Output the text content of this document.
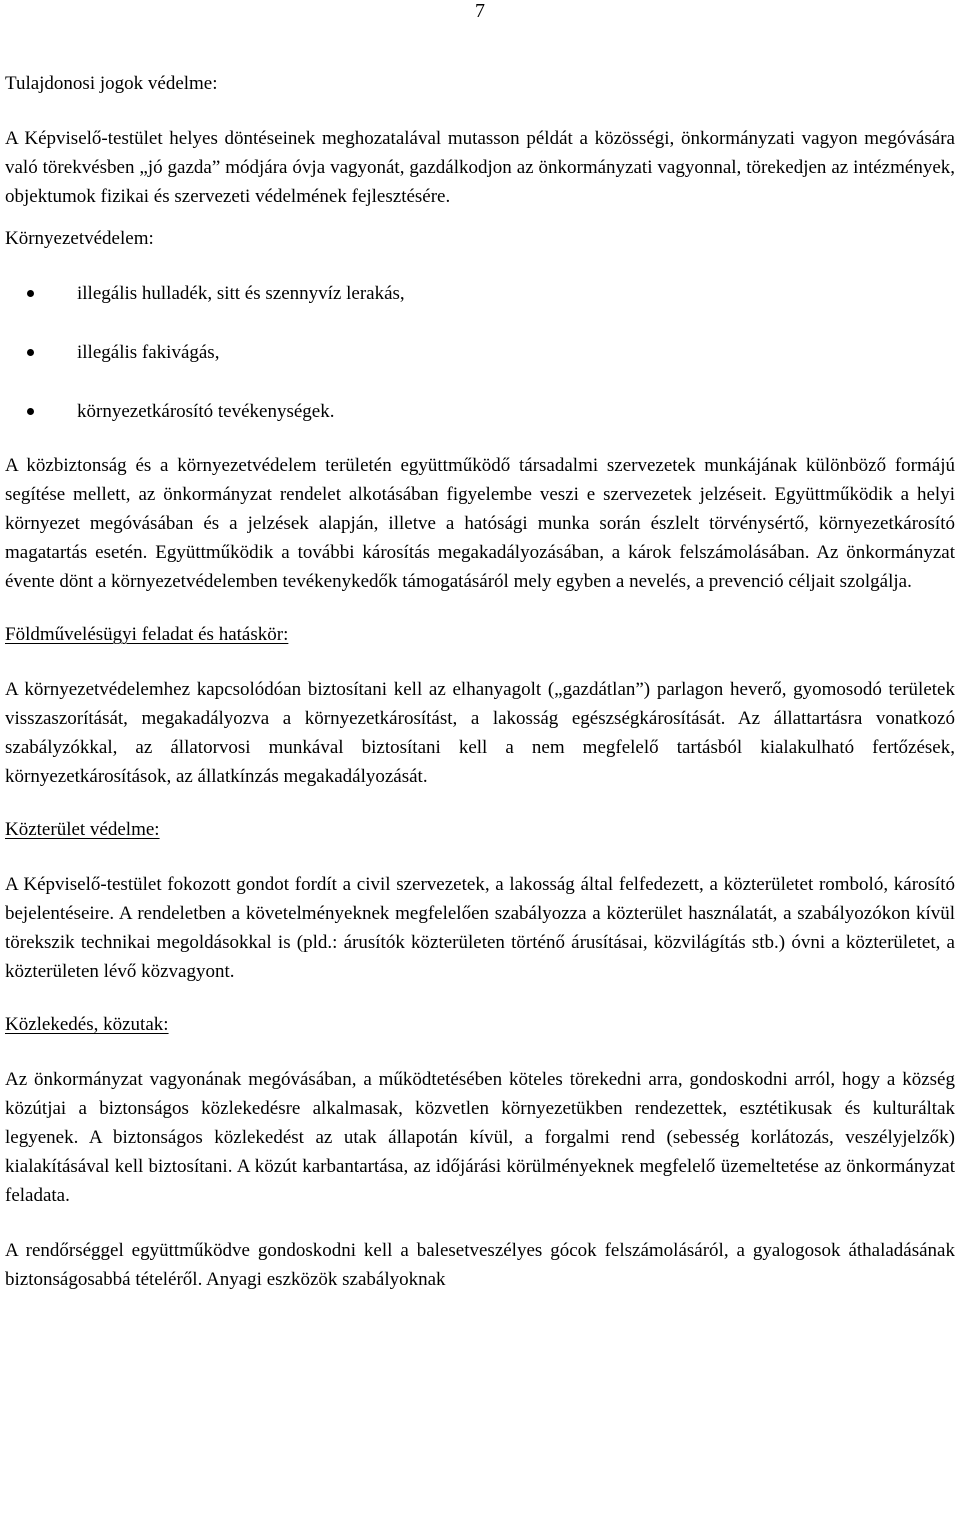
7
Tulajdonosi jogok védelme:

A Képviselő-testület helyes döntéseinek meghozatalával mutasson példát a közösségi, önkormányzati vagyon megóvására való törekvésben „jó gazda” módjára óvja vagyonát, gazdálkodjon az önkormányzati vagyonnal, törekedjen az intézmények, objektumok fizikai és szervezeti védelmének fejlesztésére.

Környezetvédelem:
illegális hulladék, sitt és szennyvíz lerakás,
illegális fakivágás,
környezetkárosító tevékenységek.

A közbiztonság és a környezetvédelem területén együttműködő társadalmi szervezetek munkájának különböző formájú segítése mellett, az önkormányzat rendelet alkotásában figyelembe veszi e szervezetek jelzéseit. Együttműködik a helyi környezet megóvásában és a jelzések alapján, illetve a hatósági munka során észlelt törvénysértő, környezetkárosító magatartás esetén. Együttműködik a további károsítás megakadályozásában, a károk felszámolásában. Az önkormányzat évente dönt a környezetvédelemben tevékenykedők támogatásáról mely egyben a nevelés, a prevenció céljait szolgálja.

Földművelésügyi feladat és hatáskör:

A környezetvédelemhez kapcsolódóan biztosítani kell az elhanyagolt („gazdátlan”) parlagon heverő, gyomosodó területek visszaszorítását, megakadályozva a környezetkárosítást, a lakosság egészségkárosítását. Az állattartásra vonatkozó szabályzókkal, az állatorvosi munkával biztosítani kell a nem megfelelő tartásból kialakulható fertőzések, környezetkárosítások, az állatkínzás megakadályozását.

Közterület védelme:

A Képviselő-testület fokozott gondot fordít a civil szervezetek, a lakosság által felfedezett, a közterületet romboló, károsító bejelentéseire. A rendeletben a követelményeknek megfelelően szabályozza a közterület használatát, a szabályozókon kívül törekszik technikai megoldásokkal is (pld.: árusítók közterületen történő árusításai, közvilágítás stb.) óvni a közterületet, a közterületen lévő közvagyont.

Közlekedés, közutak:

Az önkormányzat vagyonának megóvásában, a működtetésében köteles törekedni arra, gondoskodni arról, hogy a község közútjai a biztonságos közlekedésre alkalmasak, közvetlen környezetükben rendezettek, esztétikusak és kulturáltak legyenek. A biztonságos közlekedést az utak állapotán kívül, a forgalmi rend (sebesség korlátozás, veszélyjelzők) kialakításával kell biztosítani. A közút karbantartása, az időjárási körülményeknek megfelelő üzemeltetése az önkormányzat feladata.

A rendőrséggel együttműködve gondoskodni kell a balesetveszélyes gócok felszámolásáról, a gyalogosok áthaladásának biztonságosabbá tételéről. Anyagi eszközök szabályoknak
